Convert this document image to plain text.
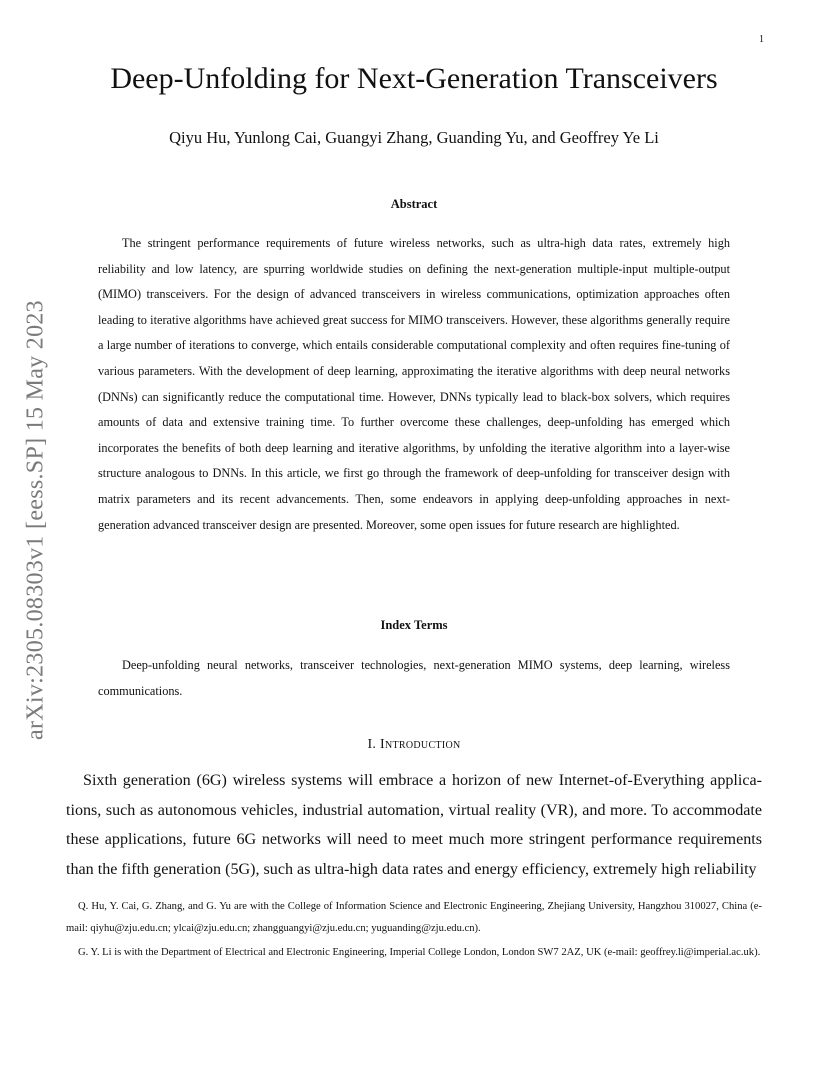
1
arXiv:2305.08303v1 [eess.SP] 15 May 2023
Deep-Unfolding for Next-Generation Transceivers
Qiyu Hu, Yunlong Cai, Guangyi Zhang, Guanding Yu, and Geoffrey Ye Li
Abstract

The stringent performance requirements of future wireless networks, such as ultra-high data rates, extremely high reliability and low latency, are spurring worldwide studies on defining the next-generation multiple-input multiple-output (MIMO) transceivers. For the design of advanced transceivers in wireless communications, optimization approaches often leading to iterative algorithms have achieved great success for MIMO transceivers. However, these algorithms generally require a large number of iterations to converge, which entails considerable computational complexity and often requires fine-tuning of various parameters. With the development of deep learning, approximating the iterative algorithms with deep neural networks (DNNs) can significantly reduce the computational time. However, DNNs typically lead to black-box solvers, which requires amounts of data and extensive training time. To further overcome these challenges, deep-unfolding has emerged which incorporates the benefits of both deep learning and iterative algorithms, by unfolding the iterative algorithm into a layer-wise structure analogous to DNNs. In this article, we first go through the framework of deep-unfolding for transceiver design with matrix parameters and its recent advancements. Then, some endeavors in applying deep-unfolding approaches in next-generation advanced transceiver design are presented. Moreover, some open issues for future research are highlighted.

Index Terms

Deep-unfolding neural networks, transceiver technologies, next-generation MIMO systems, deep learning, wireless communications.

I. Introduction

Sixth generation (6G) wireless systems will embrace a horizon of new Internet-of-Everything applications, such as autonomous vehicles, industrial automation, virtual reality (VR), and more. To accommodate these applications, future 6G networks will need to meet much more stringent performance requirements than the fifth generation (5G), such as ultra-high data rates and energy efficiency, extremely high reliability

Q. Hu, Y. Cai, G. Zhang, and G. Yu are with the College of Information Science and Electronic Engineering, Zhejiang University, Hangzhou 310027, China (e-mail: qiyhu@zju.edu.cn; ylcai@zju.edu.cn; zhangguangyi@zju.edu.cn; yuguanding@zju.edu.cn).

G. Y. Li is with the Department of Electrical and Electronic Engineering, Imperial College London, London SW7 2AZ, UK (e-mail: geoffrey.li@imperial.ac.uk).
